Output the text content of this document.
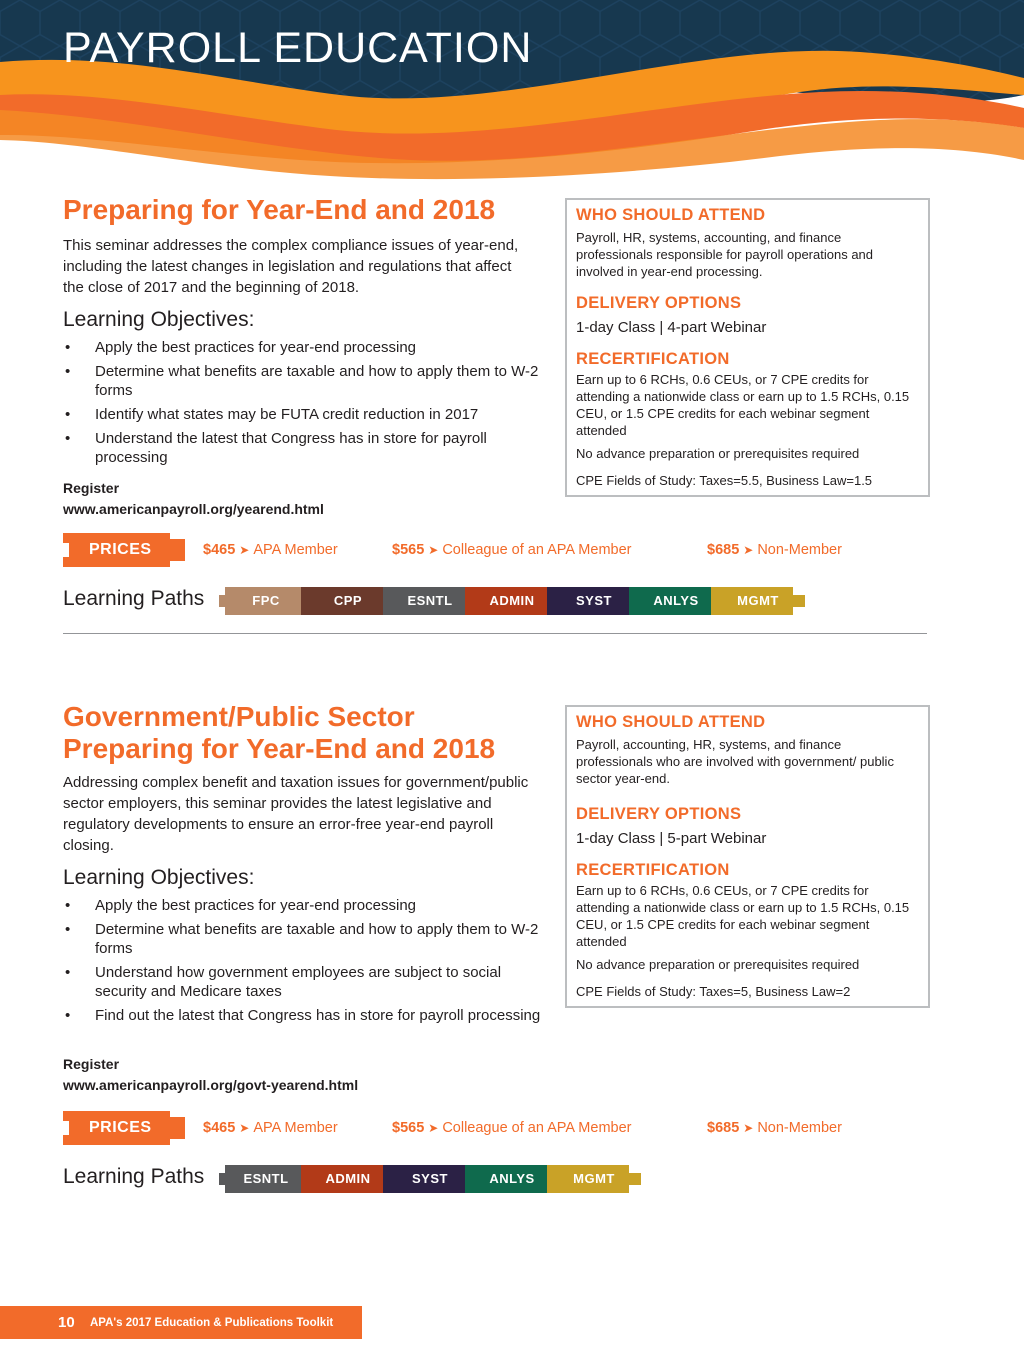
PAYROLL EDUCATION
Preparing for Year-End and 2018

This seminar addresses the complex compliance issues of year-end, including the latest changes in legislation and regulations that affect the close of 2017 and the beginning of 2018.

Learning Objectives:
• Apply the best practices for year-end processing
• Determine what benefits are taxable and how to apply them to W-2 forms
• Identify what states may be FUTA credit reduction in 2017
• Understand the latest that Congress has in store for payroll processing
Register
www.americanpayroll.org/yearend.html
WHO SHOULD ATTEND
Payroll, HR, systems, accounting, and finance professionals responsible for payroll operations and involved in year-end processing.
DELIVERY OPTIONS
1-day Class | 4-part Webinar
RECERTIFICATION
Earn up to 6 RCHs, 0.6 CEUs, or 7 CPE credits for attending a nationwide class or earn up to 1.5 RCHs, 0.15 CEU, or 1.5 CPE credits for each webinar segment attended
No advance preparation or prerequisites required
CPE Fields of Study: Taxes=5.5, Business Law=1.5
PRICES	$465 ➤ APA Member	$565 ➤ Colleague of an APA Member	$685 ➤ Non-Member
Learning Paths	FPC	CPP	ESNTL	ADMIN	SYST	ANLYS	MGMT
Government/Public Sector Preparing for Year-End and 2018

Addressing complex benefit and taxation issues for government/public sector employers, this seminar provides the latest legislative and regulatory developments to ensure an error-free year-end payroll closing.

Learning Objectives:
• Apply the best practices for year-end processing
• Determine what benefits are taxable and how to apply them to W-2 forms
• Understand how government employees are subject to social security and Medicare taxes
• Find out the latest that Congress has in store for payroll processing
Register
www.americanpayroll.org/govt-yearend.html
WHO SHOULD ATTEND
Payroll, accounting, HR, systems, and finance professionals who are involved with government/ public sector year-end.
DELIVERY OPTIONS
1-day Class | 5-part Webinar
RECERTIFICATION
Earn up to 6 RCHs, 0.6 CEUs, or 7 CPE credits for attending a nationwide class or earn up to 1.5 RCHs, 0.15 CEU, or 1.5 CPE credits for each webinar segment attended
No advance preparation or prerequisites required
CPE Fields of Study: Taxes=5, Business Law=2
PRICES	$465 ➤ APA Member	$565 ➤ Colleague of an APA Member	$685 ➤ Non-Member
Learning Paths	ESNTL	ADMIN	SYST	ANLYS	MGMT
10 APA's 2017 Education & Publications Toolkit
